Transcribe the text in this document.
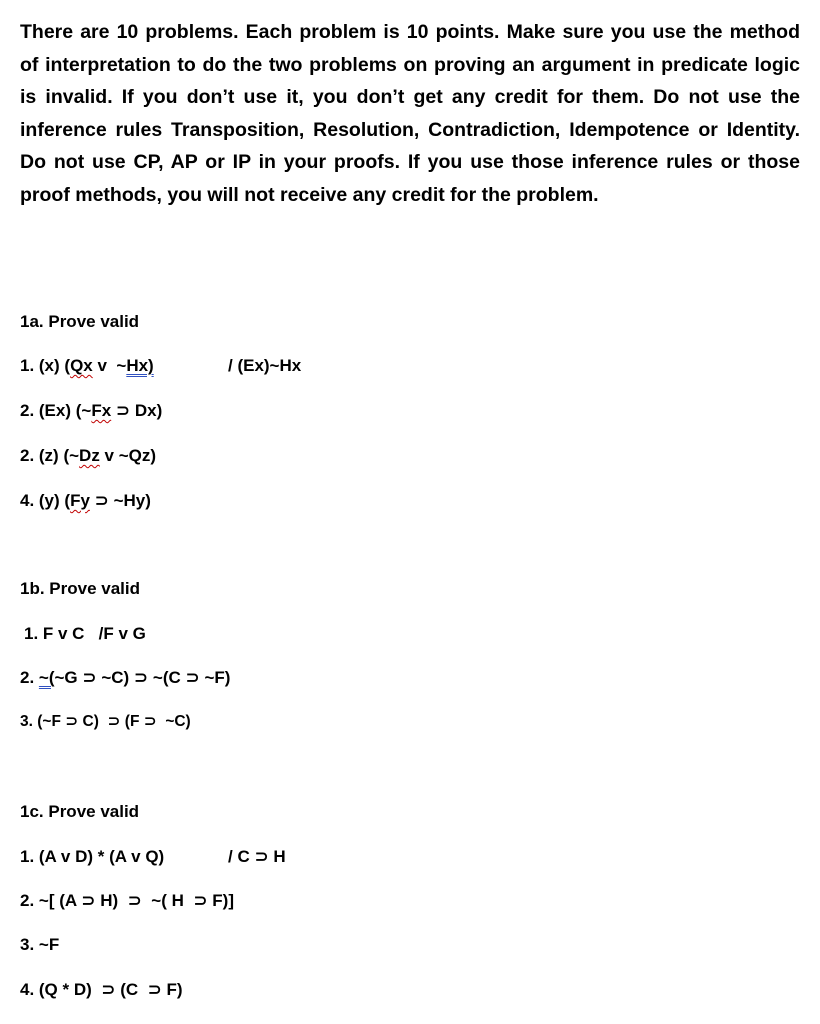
There are 10 problems. Each problem is 10 points. Make sure you use the method of interpretation to do the two problems on proving an argument in predicate logic is invalid. If you don’t use it, you don’t get any credit for them. Do not use the inference rules Transposition, Resolution, Contradiction, Idempotence or Identity. Do not use CP, AP or IP in your proofs. If you use those inference rules or those proof methods, you will not receive any credit for the problem.
1a. Prove valid
1. (x) (Qx v  ~Hx)	/ (Ex)~Hx
2. (Ex) (~Fx ⊃ Dx)
2. (z) (~Dz v ~Qz)
4. (y) (Fy ⊃ ~Hy)
1b. Prove valid
1. F v C   /F v G
2. ~(~G ⊃ ~C) ⊃ ~(C ⊃ ~F)
3. (~F ⊃ C)  ⊃ (F ⊃  ~C)
1c. Prove valid
1. (A v D) * (A v Q)	/ C ⊃ H
2. ~[ (A ⊃ H)  ⊃  ~( H  ⊃ F)]
3. ~F
4. (Q * D)  ⊃ (C  ⊃ F)
